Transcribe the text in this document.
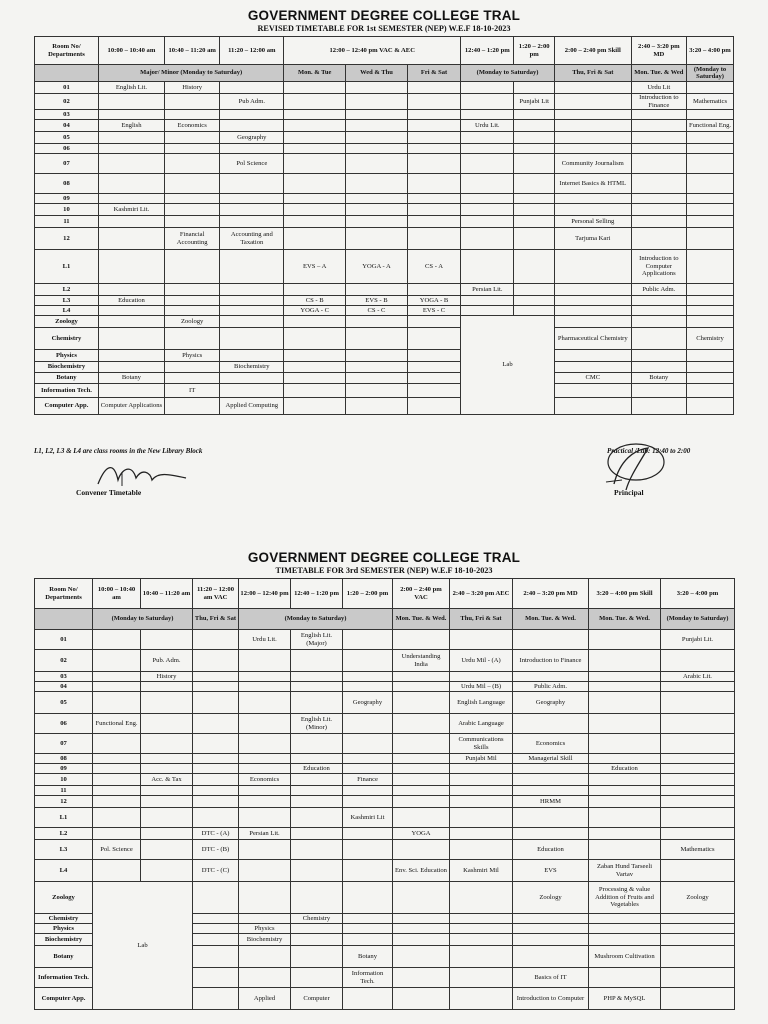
GOVERNMENT DEGREE COLLEGE TRAL
REVISED TIMETABLE FOR 1st SEMESTER (NEP) W.E.F 18-10-2023
Room No/ Departments	10:00 – 10:40 am	10:40 – 11:20 am	11:20 – 12:00 am	12:00 – 12:40 pm VAC & AEC			12:40 – 1:20 pm	1:20 – 2:00 pm	2:00 – 2:40 pm Skill	2:40 – 3:20 pm MD	3:20 – 4:00 pm
	Major/ Minor (Monday to Saturday)			Mon. & Tue	Wed & Thu	Fri & Sat	(Monday to Saturday)		Thu, Fri & Sat	Mon. Tue. & Wed	(Monday to Saturday)
01	English Lit.	History								Urdu Lit	
02			Pub Adm.					Punjabi Lit		Introduction to Finance	Mathematics
03											
04	English	Economics					Urdu Lit.				Functional Eng.
05			Geography								
06											
07			Pol Science						Community Journalism		
08									Internet Basics & HTML		
09											
10	Kashmiri Lit.										
11									Personal Selling		
12		Financial Accounting	Accounting and Taxation						Tarjuma Kari		
L1				EVS – A	YOGA - A	CS - A				Introduction to Computer Applications	
L2							Persian Lit.			Public Adm.	
L3	Education			CS - B	EVS - B	YOGA - B					
L4				YOGA - C	CS - C	EVS - C					
Zoology		Zoology					Lab				
Chemistry									Pharmaceutical Chemistry		Chemistry
Physics		Physics									
Biochemistry			Biochemistry								
Botany	Botany								CMC	Botany	
Information Tech.		IT									
Computer App.	Computer Applications		Applied Computing								
L1, L2, L3 & L4 are class rooms in the New Library Block	Practical /Lab: 12:40 to 2:00
Convener Timetable	Principal
GOVERNMENT DEGREE COLLEGE TRAL
TIMETABLE FOR 3rd SEMESTER (NEP) W.E.F 18-10-2023
Room No/ Departments	10:00 – 10:40 am	10:40 – 11:20 am	11:20 – 12:00 am VAC	12:00 – 12:40 pm	12:40 – 1:20 pm	1:20 – 2:00 pm	2:00 – 2:40 pm VAC	2:40 – 3:20 pm AEC	2:40 – 3:20 pm MD	3:20 – 4:00 pm Skill	3:20 – 4:00 pm
	(Monday to Saturday)		Thu, Fri & Sat	(Monday to Saturday)			Mon. Tue. & Wed.	Thu, Fri & Sat	Mon. Tue. & Wed.	Mon. Tue. & Wed.	(Monday to Saturday)
01				Urdu Lit.	English Lit. (Major)						Punjabi Lit.
02		Pub. Adm.					Understanding India	Urdu Mil - (A)	Introduction to Finance		
03		History									Arabic Lit.
04								Urdu Mil – (B)	Public Adm.		
05						Geography		English Language	Geography		
06	Functional Eng.				English Lit. (Minor)			Arabic Language			
07								Communications Skills	Economics		
08								Punjabi Mil	Managerial Skill		
09					Education					Education	
10		Acc. & Tax		Economics		Finance					
11											
12									HRMM		
L1						Kashmiri Lit					
L2			DTC - (A)	Persian Lit.			YOGA				
L3	Pol. Science		DTC - (B)						Education		Mathematics
L4			DTC - (C)				Env. Sci. Education	Kashmiri Mil	EVS	Zaban Hund Tarseeli Vartav	
Zoology	Lab								Zoology	Processing & value Addition of Fruits and Vegetables	Zoology
Chemistry					Chemistry						
Physics				Physics							
Biochemistry				Biochemistry							
Botany						Botany				Mushroom Cultivation	
Information Tech.						Information Tech.			Basics of IT		
Computer App.				Applied	Computer				Introduction to Computer	PHP & MySQL	
